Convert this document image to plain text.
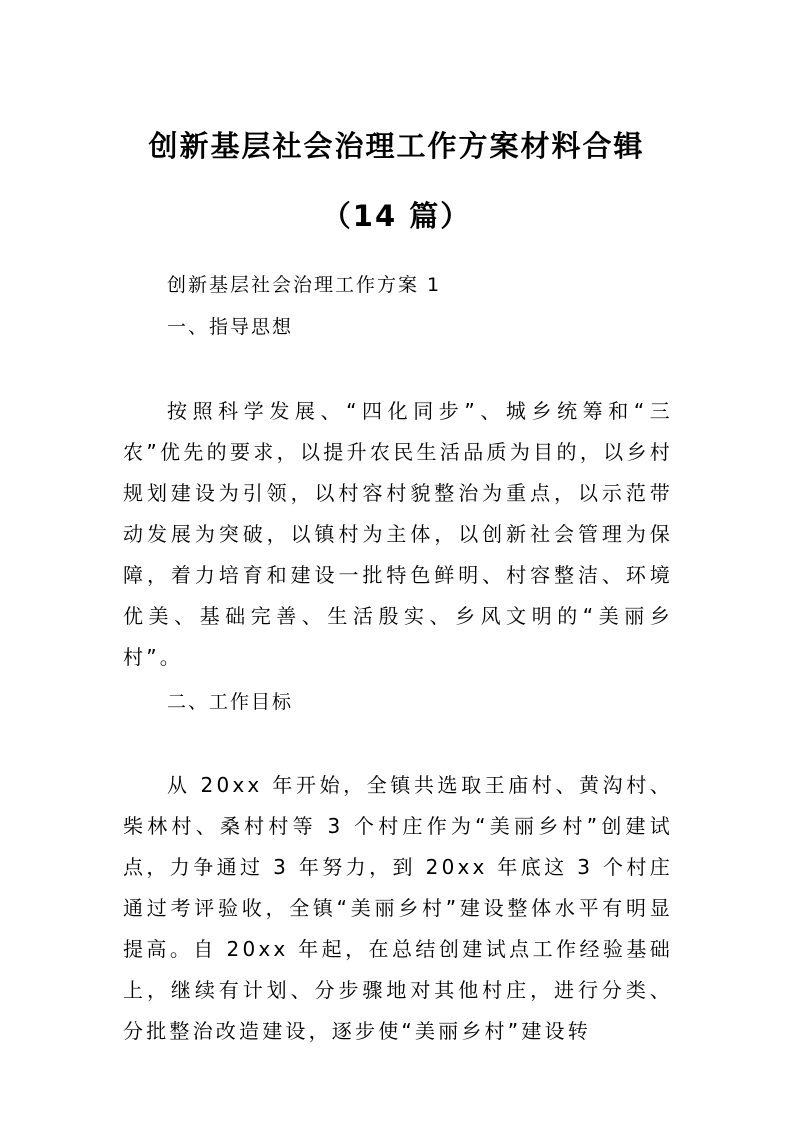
创新基层社会治理工作方案材料合辑
（14 篇）
创新基层社会治理工作方案 1
一、指导思想

按照科学发展、“四化同步”、城乡统筹和“三农”优先的要求，以提升农民生活品质为目的，以乡村规划建设为引领，以村容村貌整治为重点，以示范带动发展为突破，以镇村为主体，以创新社会管理为保障，着力培育和建设一批特色鲜明、村容整洁、环境优美、基础完善、生活殷实、乡风文明的“美丽乡村”。

二、工作目标

从 20xx 年开始，全镇共选取王庙村、黄沟村、柴林村、桑村村等 3 个村庄作为“美丽乡村”创建试点，力争通过 3 年努力，到 20xx 年底这 3 个村庄通过考评验收，全镇“美丽乡村”建设整体水平有明显提高。自 20xx 年起，在总结创建试点工作经验基础上，继续有计划、分步骤地对其他村庄，进行分类、分批整治改造建设，逐步使“美丽乡村”建设转
